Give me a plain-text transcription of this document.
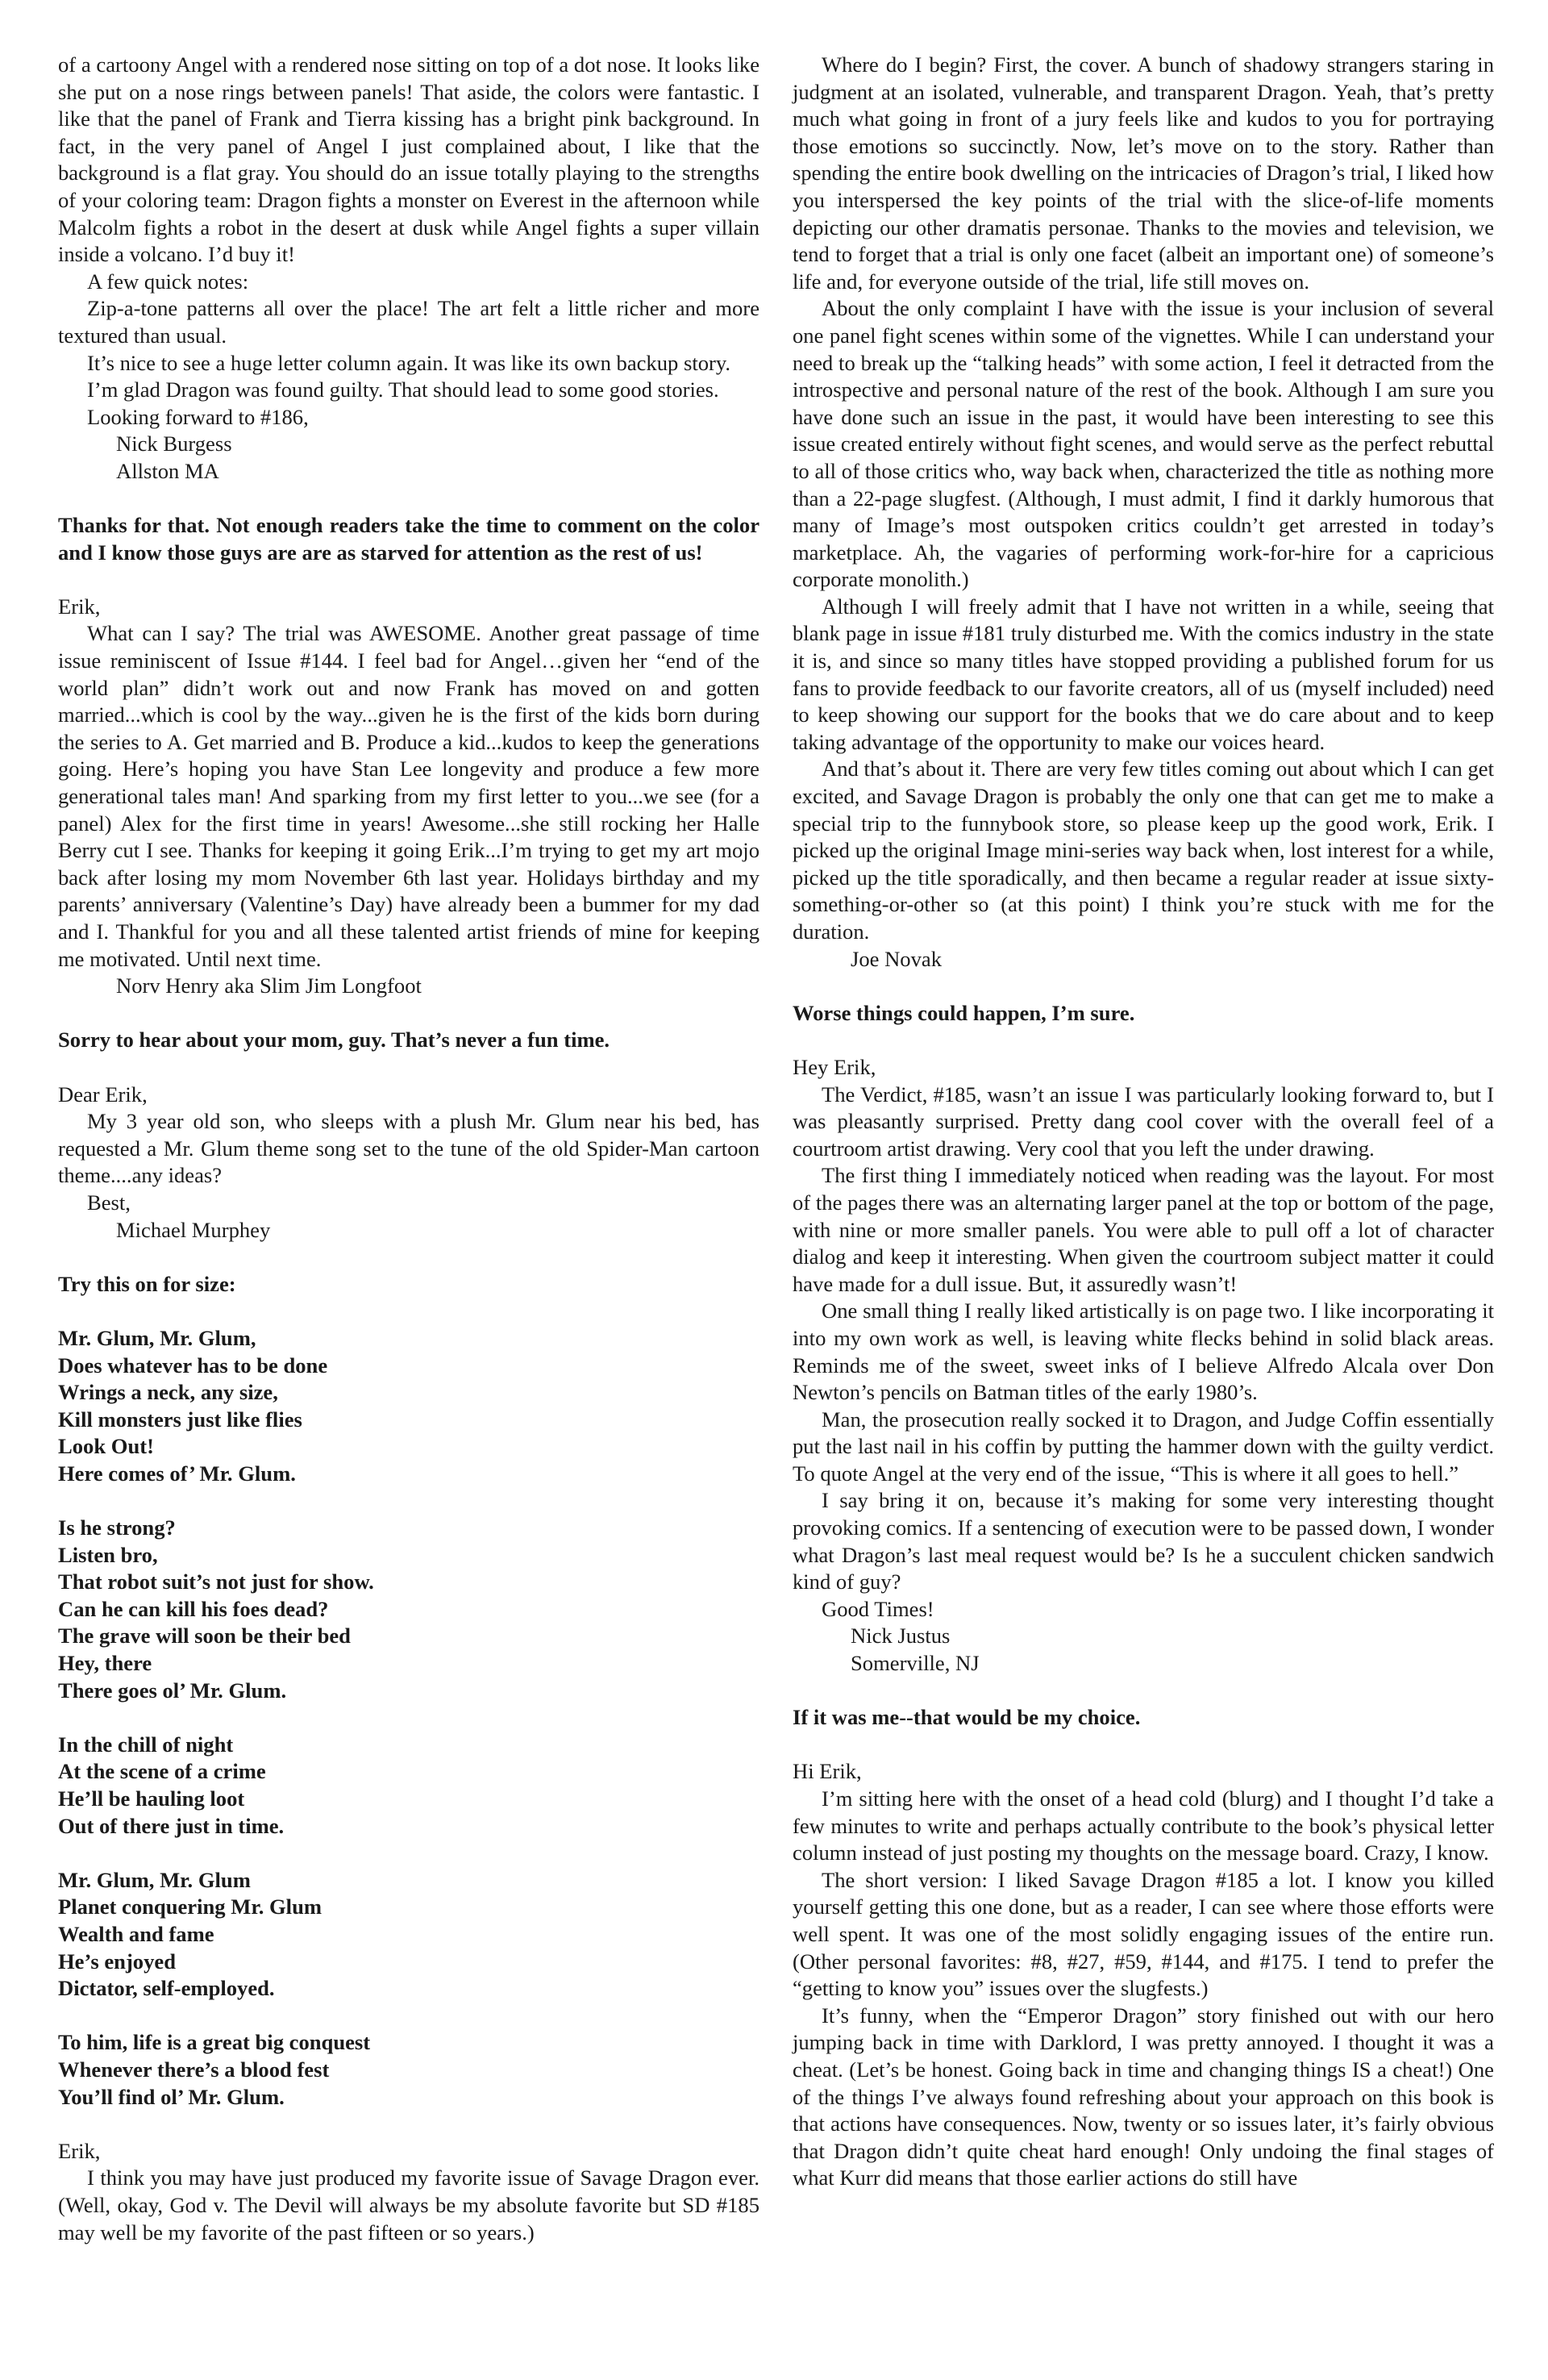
of a cartoony Angel with a rendered nose sitting on top of a dot nose. It looks like she put on a nose rings between panels! That aside, the colors were fantastic. I like that the panel of Frank and Tierra kissing has a bright pink background. In fact, in the very panel of Angel I just complained about, I like that the background is a flat gray. You should do an issue totally playing to the strengths of your coloring team: Dragon fights a monster on Everest in the afternoon while Malcolm fights a robot in the desert at dusk while Angel fights a super villain inside a volcano. I’d buy it!

A few quick notes:

Zip-a-tone patterns all over the place! The art felt a little richer and more textured than usual.

It’s nice to see a huge letter column again. It was like its own backup story.

I’m glad Dragon was found guilty. That should lead to some good stories.

Looking forward to #186,

Nick Burgess

Allston MA

Thanks for that. Not enough readers take the time to comment on the color and I know those guys are are as starved for attention as the rest of us!

Erik,

What can I say? The trial was AWESOME. Another great passage of time issue reminiscent of Issue #144. I feel bad for Angel…given her “end of the world plan” didn’t work out and now Frank has moved on and gotten married...which is cool by the way...given he is the first of the kids born during the series to A. Get married and B. Produce a kid...kudos to keep the generations going. Here’s hoping you have Stan Lee longevity and produce a few more generational tales man! And sparking from my first letter to you...we see (for a panel) Alex for the first time in years! Awesome...she still rocking her Halle Berry cut I see. Thanks for keeping it going Erik...I’m trying to get my art mojo back after losing my mom November 6th last year. Holidays birthday and my parents’ anniversary (Valentine’s Day) have already been a bummer for my dad and I. Thankful for you and all these talented artist friends of mine for keeping me motivated. Until next time.

Norv Henry aka Slim Jim Longfoot

Sorry to hear about your mom, guy. That’s never a fun time.

Dear Erik,

My 3 year old son, who sleeps with a plush Mr. Glum near his bed, has requested a Mr. Glum theme song set to the tune of the old Spider-Man cartoon theme....any ideas?

Best,

Michael Murphey

Try this on for size:

Mr. Glum, Mr. Glum,

Does whatever has to be done

Wrings a neck, any size,

Kill monsters just like flies

Look Out!

Here comes of’ Mr. Glum.

Is he strong?

Listen bro,

That robot suit’s not just for show.

Can he can kill his foes dead?

The grave will soon be their bed

Hey, there

There goes ol’ Mr. Glum.

In the chill of night

At the scene of a crime

He’ll be hauling loot

Out of there just in time.

Mr. Glum, Mr. Glum

Planet conquering Mr. Glum

Wealth and fame

He’s enjoyed

Dictator, self-employed.

To him, life is a great big conquest

Whenever there’s a blood fest

You’ll find ol’ Mr. Glum.

Erik,

I think you may have just produced my favorite issue of Savage Dragon ever. (Well, okay, God v. The Devil will always be my absolute favorite but SD #185 may well be my favorite of the past fifteen or so years.)

Where do I begin? First, the cover. A bunch of shadowy strangers staring in judgment at an isolated, vulnerable, and transparent Dragon. Yeah, that’s pretty much what going in front of a jury feels like and kudos to you for portraying those emotions so succinctly. Now, let’s move on to the story. Rather than spending the entire book dwelling on the intricacies of Dragon’s trial, I liked how you interspersed the key points of the trial with the slice-of-life moments depicting our other dramatis personae. Thanks to the movies and television, we tend to forget that a trial is only one facet (albeit an important one) of someone’s life and, for everyone outside of the trial, life still moves on.

About the only complaint I have with the issue is your inclusion of several one panel fight scenes within some of the vignettes. While I can understand your need to break up the “talking heads” with some action, I feel it detracted from the introspective and personal nature of the rest of the book. Although I am sure you have done such an issue in the past, it would have been interesting to see this issue created entirely without fight scenes, and would serve as the perfect rebuttal to all of those critics who, way back when, characterized the title as nothing more than a 22-page slugfest. (Although, I must admit, I find it darkly humorous that many of Image’s most outspoken critics couldn’t get arrested in today’s marketplace. Ah, the vagaries of performing work-for-hire for a capricious corporate monolith.)

Although I will freely admit that I have not written in a while, seeing that blank page in issue #181 truly disturbed me. With the comics industry in the state it is, and since so many titles have stopped providing a published forum for us fans to provide feedback to our favorite creators, all of us (myself included) need to keep showing our support for the books that we do care about and to keep taking advantage of the opportunity to make our voices heard.

And that’s about it. There are very few titles coming out about which I can get excited, and Savage Dragon is probably the only one that can get me to make a special trip to the funnybook store, so please keep up the good work, Erik. I picked up the original Image mini-series way back when, lost interest for a while, picked up the title sporadically, and then became a regular reader at issue sixty-something-or-other so (at this point) I think you’re stuck with me for the duration.

Joe Novak

Worse things could happen, I’m sure.

Hey Erik,

The Verdict, #185, wasn’t an issue I was particularly looking forward to, but I was pleasantly surprised. Pretty dang cool cover with the overall feel of a courtroom artist drawing. Very cool that you left the under drawing.

The first thing I immediately noticed when reading was the layout. For most of the pages there was an alternating larger panel at the top or bottom of the page, with nine or more smaller panels. You were able to pull off a lot of character dialog and keep it interesting. When given the courtroom subject matter it could have made for a dull issue. But, it assuredly wasn’t!

One small thing I really liked artistically is on page two. I like incorporating it into my own work as well, is leaving white flecks behind in solid black areas. Reminds me of the sweet, sweet inks of I believe Alfredo Alcala over Don Newton’s pencils on Batman titles of the early 1980’s.

Man, the prosecution really socked it to Dragon, and Judge Coffin essentially put the last nail in his coffin by putting the hammer down with the guilty verdict. To quote Angel at the very end of the issue, “This is where it all goes to hell.”

I say bring it on, because it’s making for some very interesting thought provoking comics. If a sentencing of execution were to be passed down, I wonder what Dragon’s last meal request would be? Is he a succulent chicken sandwich kind of guy?

Good Times!

Nick Justus

Somerville, NJ

If it was me--that would be my choice.

Hi Erik,

I’m sitting here with the onset of a head cold (blurg) and I thought I’d take a few minutes to write and perhaps actually contribute to the book’s physical letter column instead of just posting my thoughts on the message board. Crazy, I know.

The short version: I liked Savage Dragon #185 a lot. I know you killed yourself getting this one done, but as a reader, I can see where those efforts were well spent. It was one of the most solidly engaging issues of the entire run. (Other personal favorites: #8, #27, #59, #144, and #175. I tend to prefer the “getting to know you” issues over the slugfests.)

It’s funny, when the “Emperor Dragon” story finished out with our hero jumping back in time with Darklord, I was pretty annoyed. I thought it was a cheat. (Let’s be honest. Going back in time and changing things IS a cheat!) One of the things I’ve always found refreshing about your approach on this book is that actions have consequences. Now, twenty or so issues later, it’s fairly obvious that Dragon didn’t quite cheat hard enough! Only undoing the final stages of what Kurr did means that those earlier actions do still have
